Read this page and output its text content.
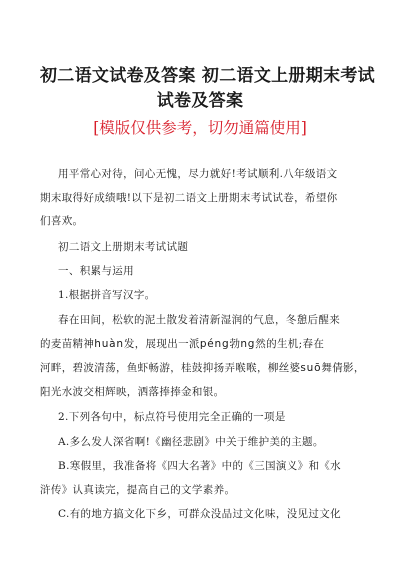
初二语文试卷及答案 初二语文上册期末考试
试卷及答案
[模版仅供参考，切勿通篇使用]
用平常心对待，问心无愧，尽力就好!考试顺利.八年级语文
期末取得好成绩哦!以下是初二语文上册期末考试试卷，希望你
们喜欢。
初二语文上册期末考试试题
一、积累与运用
1.根据拼音写汉字。
春在田间，松软的泥土散发着清新湿润的气息，冬憩后醒来
的麦苗精神huàn发，展现出一派péng勃ng然的生机;春在
河畔，碧波清荡，鱼虾畅游，桂鼓抑扬弄喉喉，柳丝婆suō舞倩影，
阳光水波交相辉映，洒落捧捧金和银。
2.下列各句中，标点符号使用完全正确的一项是
A.多么发人深省啊!《幽径悲剧》中关于维护美的主题。
B.寒假里，我准备将《四大名著》中的《三国演义》和《水
浒传》认真读完，提高自己的文学素养。
C.有的地方搞文化下乡，可群众没品过文化味，没见过文化
